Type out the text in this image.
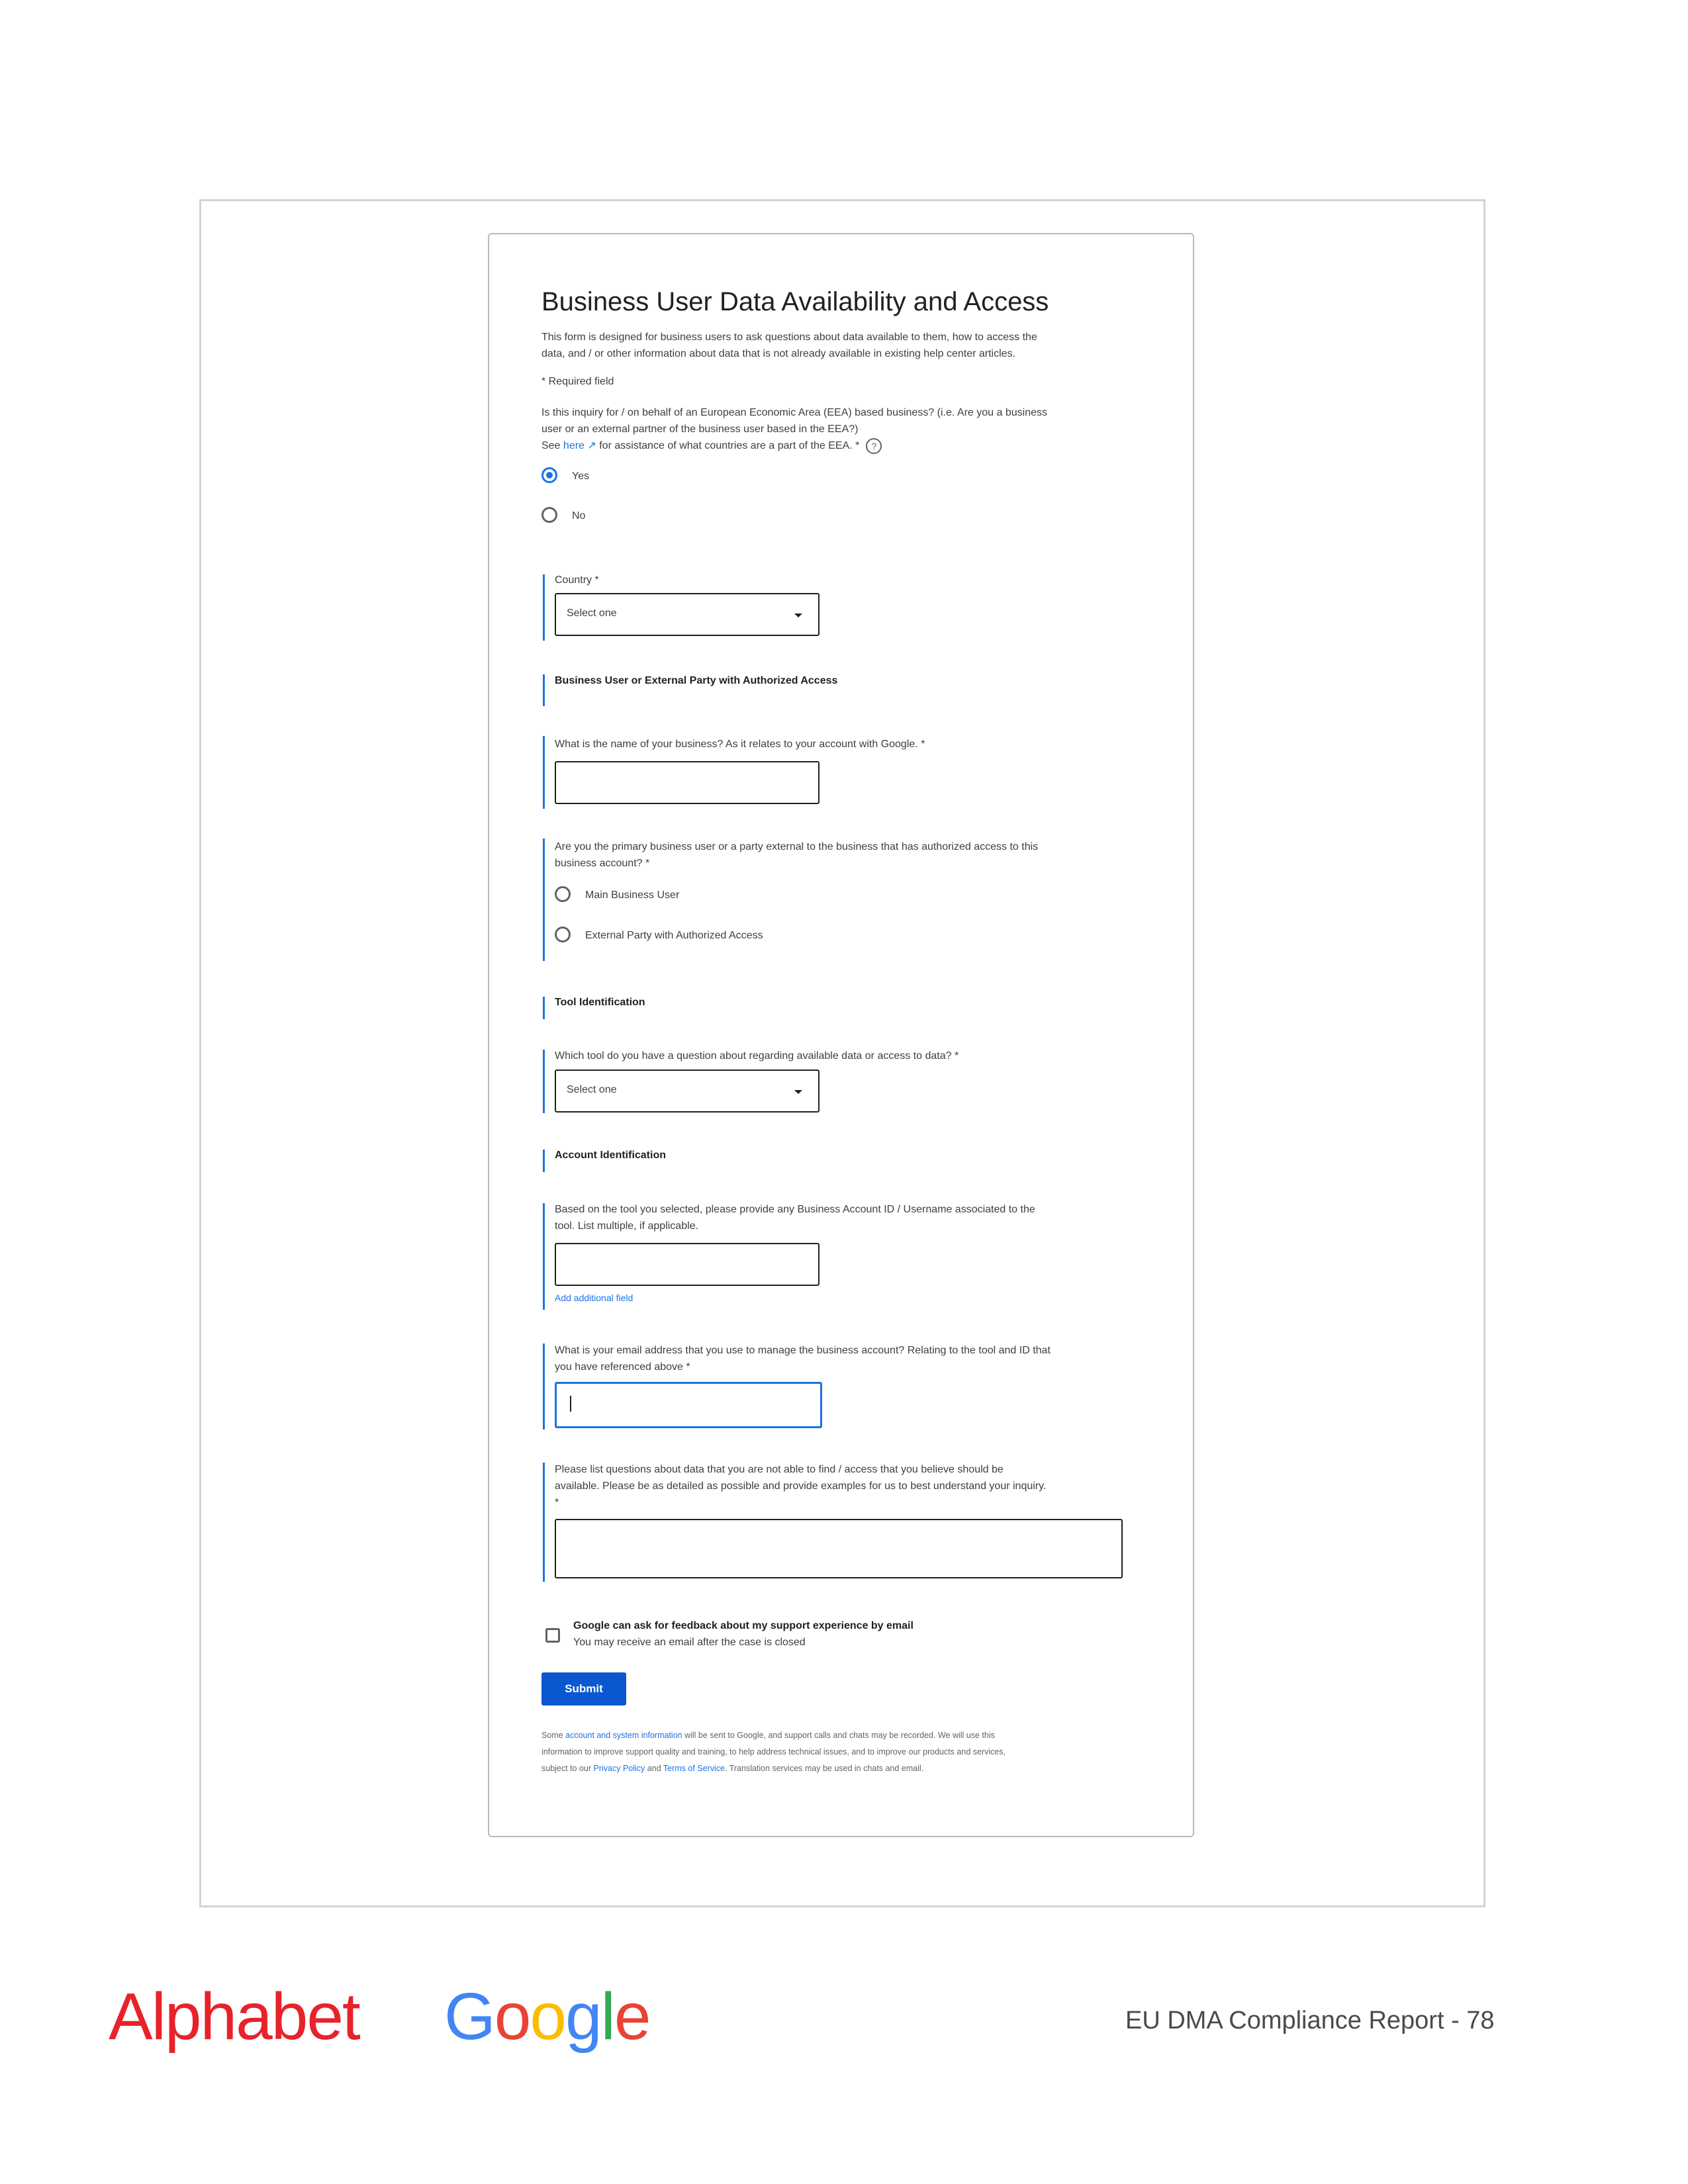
Business User Data Availability and Access
This form is designed for business users to ask questions about data available to them, how to access the
data, and / or other information about data that is not already available in existing help center articles.
* Required field
Is this inquiry for / on behalf of an European Economic Area (EEA) based business? (i.e. Are you a business
user or an external partner of the business user based in the EEA?)
See here ↗ for assistance of what countries are a part of the EEA. * ?
Yes
No
Country *
Select one
Business User or External Party with Authorized Access
What is the name of your business? As it relates to your account with Google. *
Are you the primary business user or a party external to the business that has authorized access to this
business account? *
Main Business User
External Party with Authorized Access
Tool Identification
Which tool do you have a question about regarding available data or access to data? *
Select one
Account Identification
Based on the tool you selected, please provide any Business Account ID / Username associated to the
tool. List multiple, if applicable.
Add additional field
What is your email address that you use to manage the business account? Relating to the tool and ID that
you have referenced above *
Please list questions about data that you are not able to find / access that you believe should be
available. Please be as detailed as possible and provide examples for us to best understand your inquiry.
*
Google can ask for feedback about my support experience by email
You may receive an email after the case is closed
Submit
Some account and system information will be sent to Google, and support calls and chats may be recorded. We will use this
information to improve support quality and training, to help address technical issues, and to improve our products and services,
subject to our Privacy Policy and Terms of Service. Translation services may be used in chats and email.
Alphabet Google	EU DMA Compliance Report - 78
